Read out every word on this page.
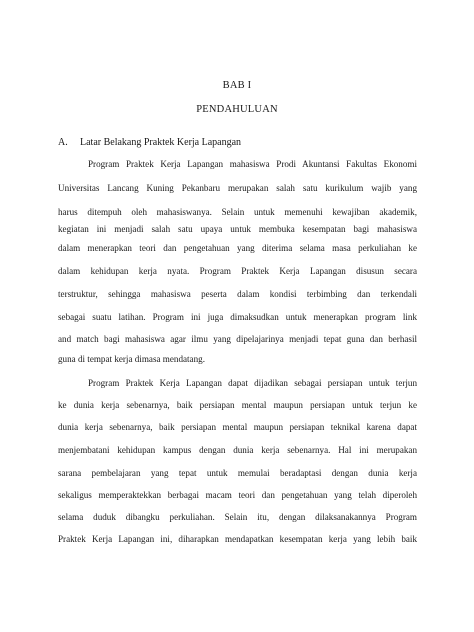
BAB I
PENDAHULUAN
A. Latar Belakang Praktek Kerja Lapangan
Program Praktek Kerja Lapangan mahasiswa Prodi Akuntansi Fakultas Ekonomi
Universitas Lancang Kuning Pekanbaru merupakan salah satu kurikulum wajib yang
harus ditempuh oleh mahasiswanya. Selain untuk memenuhi kewajiban akademik,
kegiatan ini menjadi salah satu upaya untuk membuka kesempatan bagi mahasiswa
dalam menerapkan teori dan pengetahuan yang diterima selama masa perkuliahan ke
dalam kehidupan kerja nyata. Program Praktek Kerja Lapangan disusun secara
terstruktur, sehingga mahasiswa peserta dalam kondisi terbimbing dan terkendali
sebagai suatu latihan. Program ini juga dimaksudkan untuk menerapkan program link
and match bagi mahasiswa agar ilmu yang dipelajarinya menjadi tepat guna dan berhasil
guna di tempat kerja dimasa mendatang.
Program Praktek Kerja Lapangan dapat dijadikan sebagai persiapan untuk terjun
ke dunia kerja sebenarnya, baik persiapan mental maupun persiapan untuk terjun ke
dunia kerja sebenarnya, baik persiapan mental maupun persiapan teknikal karena dapat
menjembatani kehidupan kampus dengan dunia kerja sebenarnya. Hal ini merupakan
sarana pembelajaran yang tepat untuk memulai beradaptasi dengan dunia kerja
sekaligus memperaktekkan berbagai macam teori dan pengetahuan yang telah diperoleh
selama duduk dibangku perkuliahan. Selain itu, dengan dilaksanakannya Program
Praktek Kerja Lapangan ini, diharapkan mendapatkan kesempatan kerja yang lebih baik
